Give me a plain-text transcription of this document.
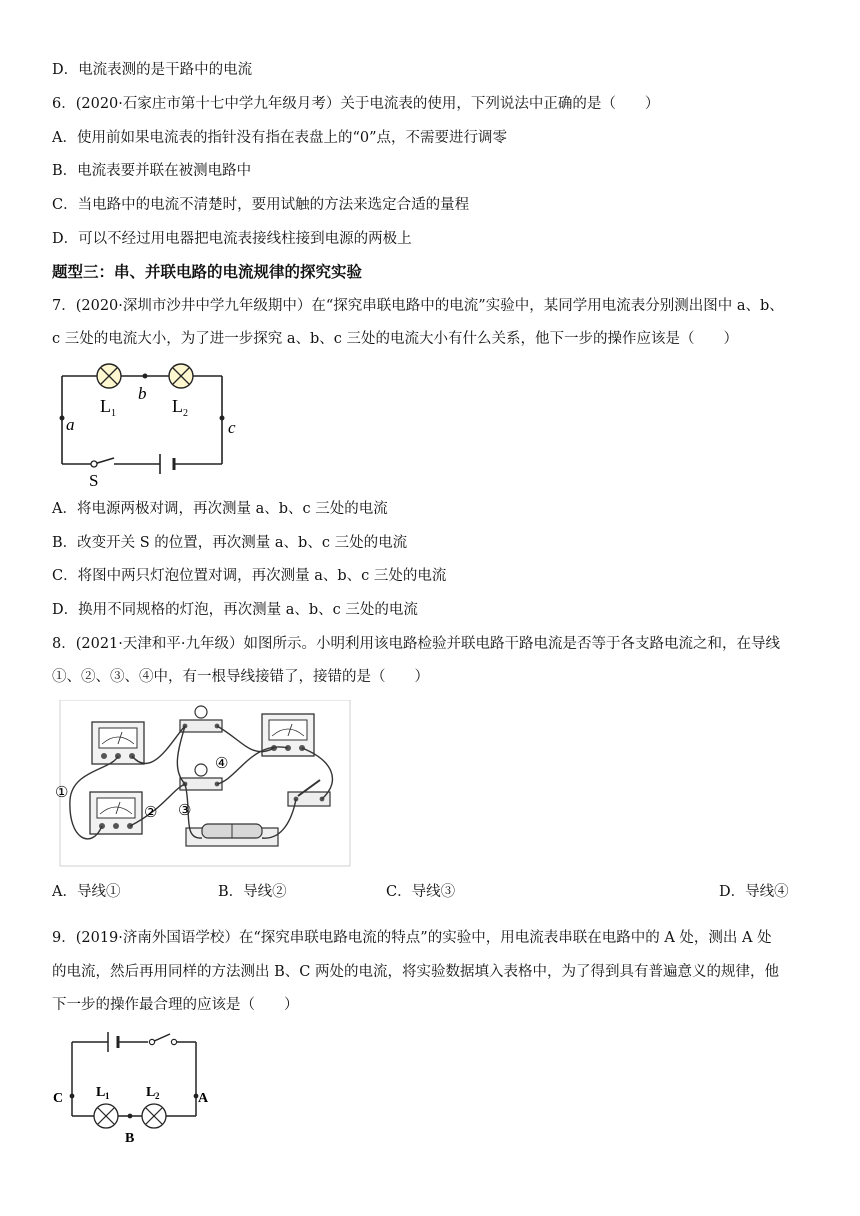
D．电流表测的是干路中的电流
6．(2020·石家庄市第十七中学九年级月考）关于电流表的使用，下列说法中正确的是（　　）
A．使用前如果电流表的指针没有指在表盘上的“0”点，不需要进行调零
B．电流表要并联在被测电路中
C．当电路中的电流不清楚时，要用试触的方法来选定合适的量程
D．可以不经过用电器把电流表接线柱接到电源的两极上
题型三：串、并联电路的电流规律的探究实验
7．(2020·深圳市沙井中学九年级期中）在“探究串联电路中的电流”实验中，某同学用电流表分别测出图中 a、b、
c 三处的电流大小，为了进一步探究 a、b、c 三处的电流大小有什么关系，他下一步的操作应该是（　　）
L 1	L 2
b
a	c
S
A．将电源两极对调，再次测量 a、b、c 三处的电流
B．改变开关 S 的位置，再次测量 a、b、c 三处的电流
C．将图中两只灯泡位置对调，再次测量 a、b、c 三处的电流
D．换用不同规格的灯泡，再次测量 a、b、c 三处的电流
8．(2021·天津和平·九年级）如图所示。小明利用该电路检验并联电路干路电流是否等于各支路电流之和，在导线
①、②、③、④中，有一根导线接错了，接错的是（　　）
①
② ③
④
A．导线①	B．导线②	C．导线③	D．导线④
9．(2019·济南外国语学校）在“探究串联电路电流的特点”的实验中，用电流表串联在电路中的 A 处，测出 A 处
的电流，然后再用同样的方法测出 B、C 两处的电流，将实验数据填入表格中，为了得到具有普遍意义的规律，他
下一步的操作最合理的应该是（　　）
C	A
B
L 1	L 2
